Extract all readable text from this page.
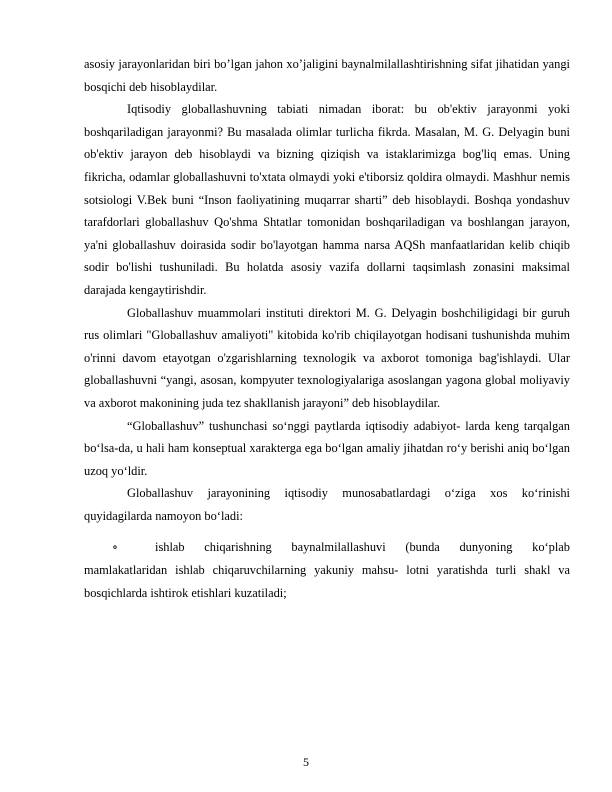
asosiy jarayonlaridan biri bo’lgan jahon xo’jaligini baynalmilallashtirishning sifat jihatidan yangi bosqichi deb hisoblaydilar.

Iqtisodiy globallashuvning tabiati nimadan iborat: bu ob'ektiv jarayonmi yoki boshqariladigan jarayonmi? Bu masalada olimlar turlicha fikrda. Masalan, M. G. Delyagin buni ob'ektiv jarayon deb hisoblaydi va bizning qiziqish va istaklarimizga bog'liq emas. Uning fikricha, odamlar globallashuvni to'xtata olmaydi yoki e'tiborsiz qoldira olmaydi. Mashhur nemis sotsiologi V.Bek buni “Inson faoliyatining muqarrar sharti” deb hisoblaydi. Boshqa yondashuv tarafdorlari globallashuv Qo'shma Shtatlar tomonidan boshqariladigan va boshlangan jarayon, ya'ni globallashuv doirasida sodir bo'layotgan hamma narsa AQSh manfaatlaridan kelib chiqib sodir bo'lishi tushuniladi. Bu holatda asosiy vazifa dollarni taqsimlash zonasini maksimal darajada kengaytirishdir.

Globallashuv muammolari instituti direktori M. G. Delyagin boshchiligidagi bir guruh rus olimlari "Globallashuv amaliyoti" kitobida ko'rib chiqilayotgan hodisani tushunishda muhim o'rinni davom etayotgan o'zgarishlarning texnologik va axborot tomoniga bag'ishlaydi. Ular globallashuvni “yangi, asosan, kompyuter texnologiyalariga asoslangan yagona global moliyaviy va axborot makonining juda tez shakllanish jarayoni” deb hisoblaydilar.

“Globallashuv” tushunchasi so‘nggi paytlarda iqtisodiy adabiyot- larda keng tarqalgan bo‘lsa-da, u hali ham konseptual xarakterga ega bo‘lgan amaliy jihatdan ro‘y berishi aniq bo‘lgan uzoq yo‘ldir.

Globallashuv jarayonining iqtisodiy munosabatlardagi o‘ziga xos ko‘rinishi quyidagilarda namoyon bo‘ladi:

∘	ishlab chiqarishning baynalmilallashuvi (bunda dunyoning ko‘plab mamlakatlaridan ishlab chiqaruvchilarning yakuniy mahsu- lotni yaratishda turli shakl va bosqichlarda ishtirok etishlari kuzatiladi;

5
